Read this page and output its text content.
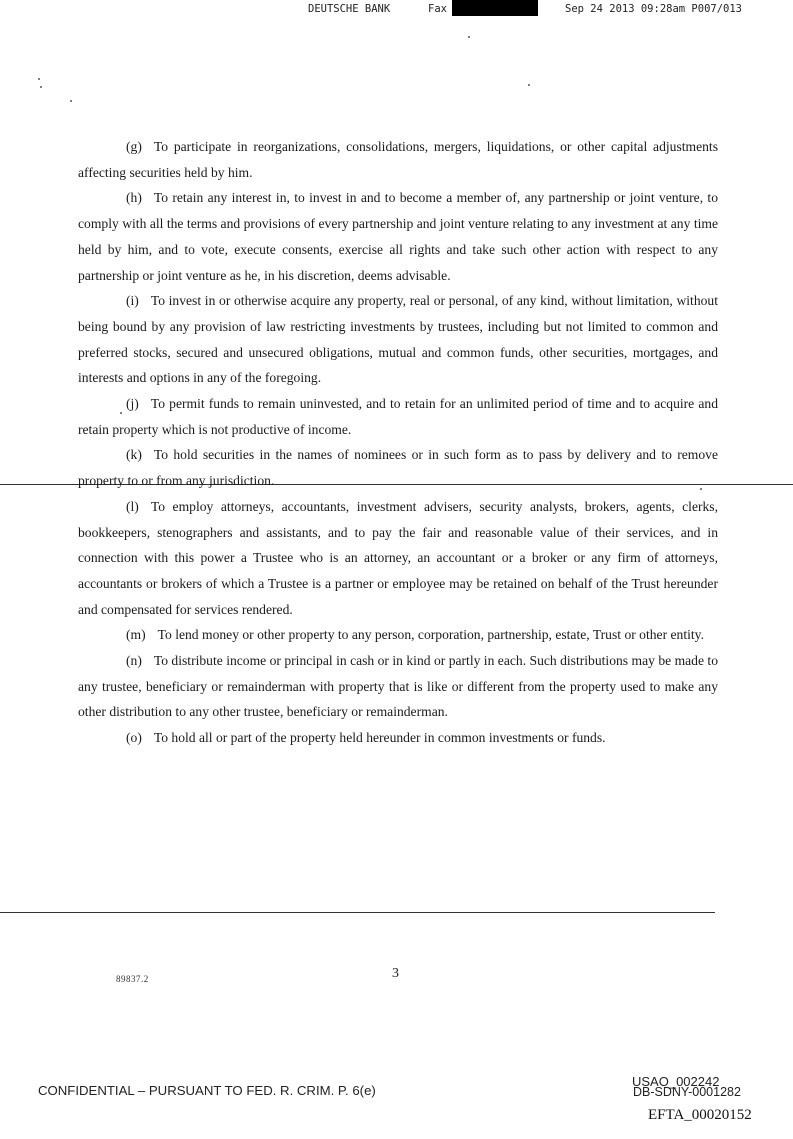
DEUTSCHE BANK	Fax	Sep 24 2013 09:28am P007/013

(g) To participate in reorganizations, consolidations, mergers, liquidations, or other capital adjustments affecting securities held by him.

(h) To retain any interest in, to invest in and to become a member of, any partnership or joint venture, to comply with all the terms and provisions of every partnership and joint venture relating to any investment at any time held by him, and to vote, execute consents, exercise all rights and take such other action with respect to any partnership or joint venture as he, in his discretion, deems advisable.

(i) To invest in or otherwise acquire any property, real or personal, of any kind, without limitation, without being bound by any provision of law restricting investments by trustees, including but not limited to common and preferred stocks, secured and unsecured obligations, mutual and common funds, other securities, mortgages, and interests and options in any of the foregoing.

(j) To permit funds to remain uninvested, and to retain for an unlimited period of time and to acquire and retain property which is not productive of income.

(k) To hold securities in the names of nominees or in such form as to pass by delivery and to remove property to or from any jurisdiction.

(l) To employ attorneys, accountants, investment advisers, security analysts, brokers, agents, clerks, bookkeepers, stenographers and assistants, and to pay the fair and reasonable value of their services, and in connection with this power a Trustee who is an attorney, an accountant or a broker or any firm of attorneys, accountants or brokers of which a Trustee is a partner or employee may be retained on behalf of the Trust hereunder and compensated for services rendered.

(m) To lend money or other property to any person, corporation, partnership, estate, Trust or other entity.

(n) To distribute income or principal in cash or in kind or partly in each. Such distributions may be made to any trustee, beneficiary or remainderman with property that is like or different from the property used to make any other distribution to any other trustee, beneficiary or remainderman.

(o) To hold all or part of the property held hereunder in common investments or funds.

89837.2	3
CONFIDENTIAL – PURSUANT TO FED. R. CRIM. P. 6(e)
USAO_002242
DB-SDNY-0001282
EFTA_00020152
